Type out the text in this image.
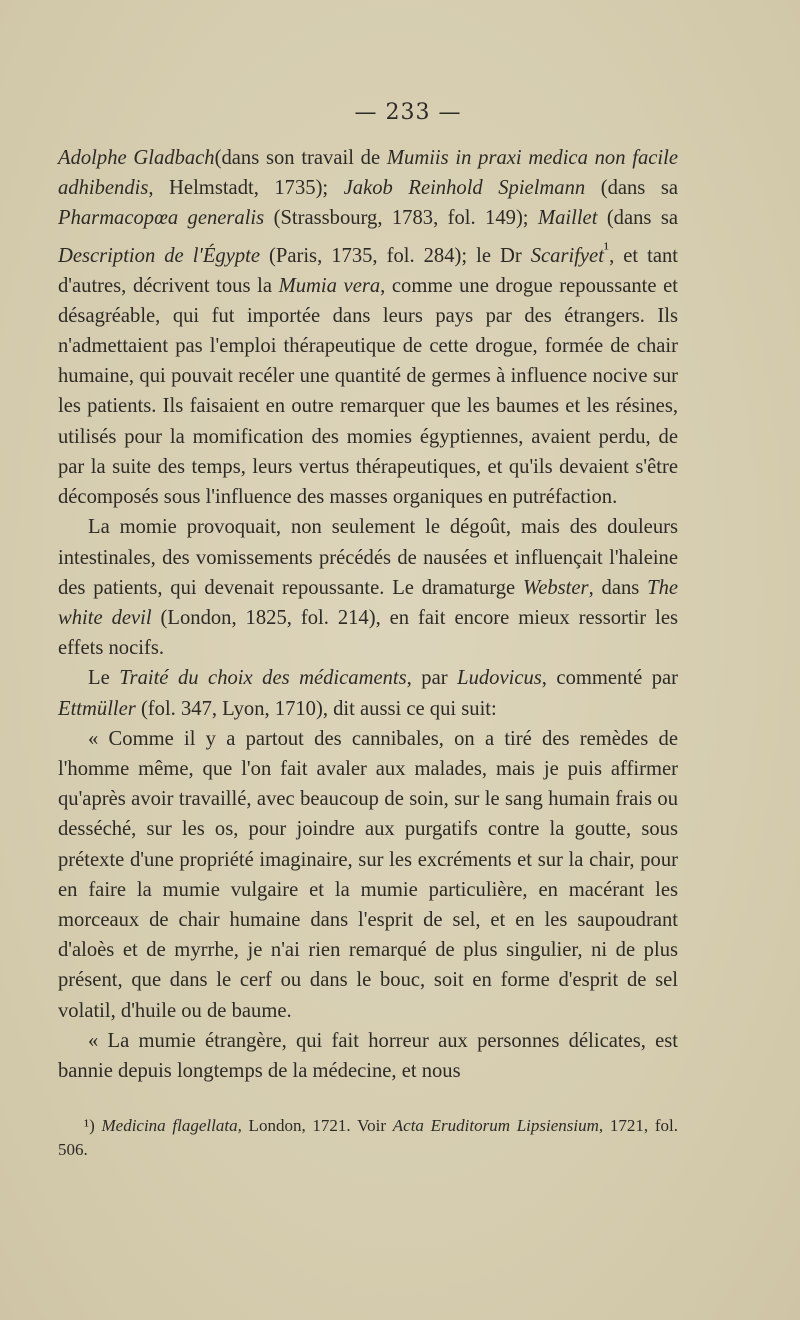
— 233 —

Adolphe Gladbach(dans son travail de Mumiis in praxi medica non facile adhibendis, Helmstadt, 1735); Jakob Reinhold Spielmann (dans sa Pharmacopœa generalis (Strassbourg, 1783, fol. 149); Maillet (dans sa Description de l'Égypte (Paris, 1735, fol. 284); le Dr Scarifyet$^{^1}$, et tant d'autres, décrivent tous la Mumia vera, comme une drogue repoussante et désagréable, qui fut importée dans leurs pays par des étrangers. Ils n'admettaient pas l'emploi thérapeutique de cette drogue, formée de chair humaine, qui pouvait recéler une quantité de germes à influence nocive sur les patients. Ils faisaient en outre remarquer que les baumes et les résines, utilisés pour la momification des momies égyptiennes, avaient perdu, de par la suite des temps, leurs vertus thérapeutiques, et qu'ils devaient s'être décomposés sous l'influence des masses organiques en putréfaction.

La momie provoquait, non seulement le dégoût, mais des douleurs intestinales, des vomissements précédés de nausées et influençait l'haleine des patients, qui devenait repoussante. Le dramaturge Webster, dans The white devil (London, 1825, fol. 214), en fait encore mieux ressortir les effets nocifs.

Le Traité du choix des médicaments, par Ludovicus, commenté par Ettmüller (fol. 347, Lyon, 1710), dit aussi ce qui suit:

« Comme il y a partout des cannibales, on a tiré des remèdes de l'homme même, que l'on fait avaler aux malades, mais je puis affirmer qu'après avoir travaillé, avec beaucoup de soin, sur le sang humain frais ou desséché, sur les os, pour joindre aux purgatifs contre la goutte, sous prétexte d'une propriété imaginaire, sur les excréments et sur la chair, pour en faire la mumie vulgaire et la mumie particulière, en macérant les morceaux de chair humaine dans l'esprit de sel, et en les saupoudrant d'aloès et de myrrhe, je n'ai rien remarqué de plus singulier, ni de plus présent, que dans le cerf ou dans le bouc, soit en forme d'esprit de sel volatil, d'huile ou de baume.

« La mumie étrangère, qui fait horreur aux personnes délicates, est bannie depuis longtemps de la médecine, et nous

¹) Medicina flagellata, London, 1721. Voir Acta Eruditorum Lipsiensium, 1721, fol. 506.
